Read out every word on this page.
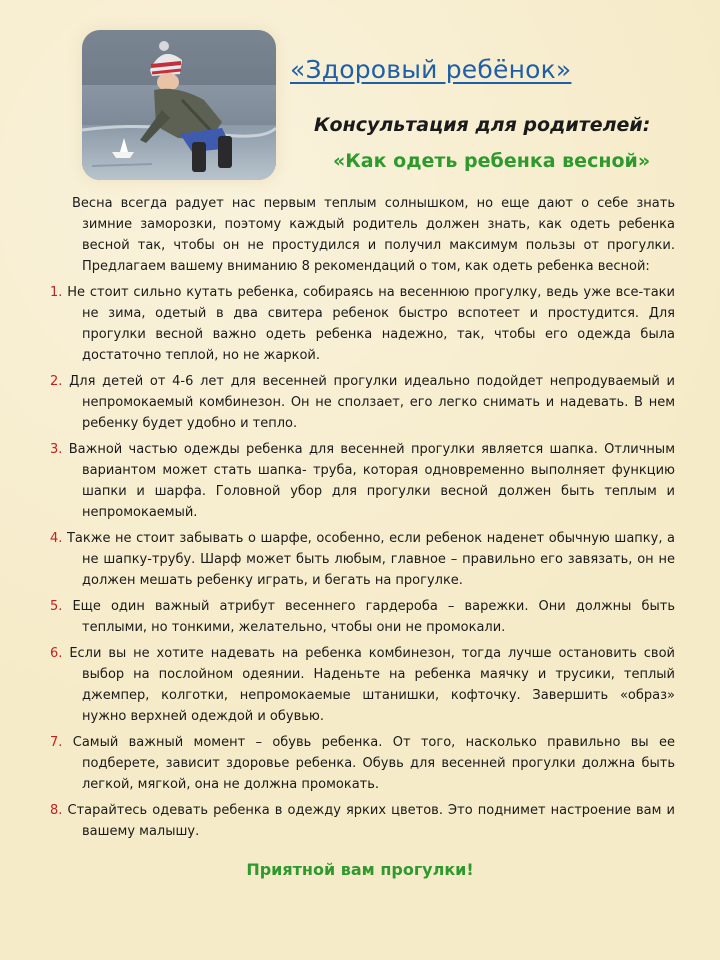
«Здоровый ребёнок»
Консультация для родителей:
«Как одеть ребенка весной»

Весна всегда радует нас первым теплым солнышком, но еще дают о себе знать зимние заморозки, поэтому каждый родитель должен знать, как одеть ребенка весной так, чтобы он не простудился и получил максимум пользы от прогулки. Предлагаем вашему вниманию 8 рекомендаций о том, как одеть ребенка весной:

1. Не стоит сильно кутать ребенка, собираясь на весеннюю прогулку, ведь уже все-таки не зима, одетый в два свитера ребенок быстро вспотеет и простудится. Для прогулки весной важно одеть ребенка надежно, так, чтобы его одежда была достаточно теплой, но не жаркой.

2. Для детей от 4-6 лет для весенней прогулки идеально подойдет непродуваемый и непромокаемый комбинезон. Он не сползает, его легко снимать и надевать. В нем ребенку будет удобно и тепло.

3. Важной частью одежды ребенка для весенней прогулки является шапка. Отличным вариантом может стать шапка- труба, которая одновременно выполняет функцию шапки и шарфа. Головной убор для прогулки весной должен быть теплым и непромокаемый.

4. Также не стоит забывать о шарфе, особенно, если ребенок наденет обычную шапку, а не шапку-трубу. Шарф может быть любым, главное – правильно его завязать, он не должен мешать ребенку играть, и бегать на прогулке.

5. Еще один важный атрибут весеннего гардероба – варежки. Они должны быть теплыми, но тонкими, желательно, чтобы они не промокали.

6. Если вы не хотите надевать на ребенка комбинезон, тогда лучше остановить свой выбор на послойном одеянии. Наденьте на ребенка маячку и трусики, теплый джемпер, колготки, непромокаемые штанишки, кофточку. Завершить «образ» нужно верхней одеждой и обувью.

7. Самый важный момент – обувь ребенка. От того, насколько правильно вы ее подберете, зависит здоровье ребенка. Обувь для весенней прогулки должна быть легкой, мягкой, она не должна промокать.

8. Старайтесь одевать ребенка в одежду ярких цветов. Это поднимет настроение вам и вашему малышу.

Приятной вам прогулки!
